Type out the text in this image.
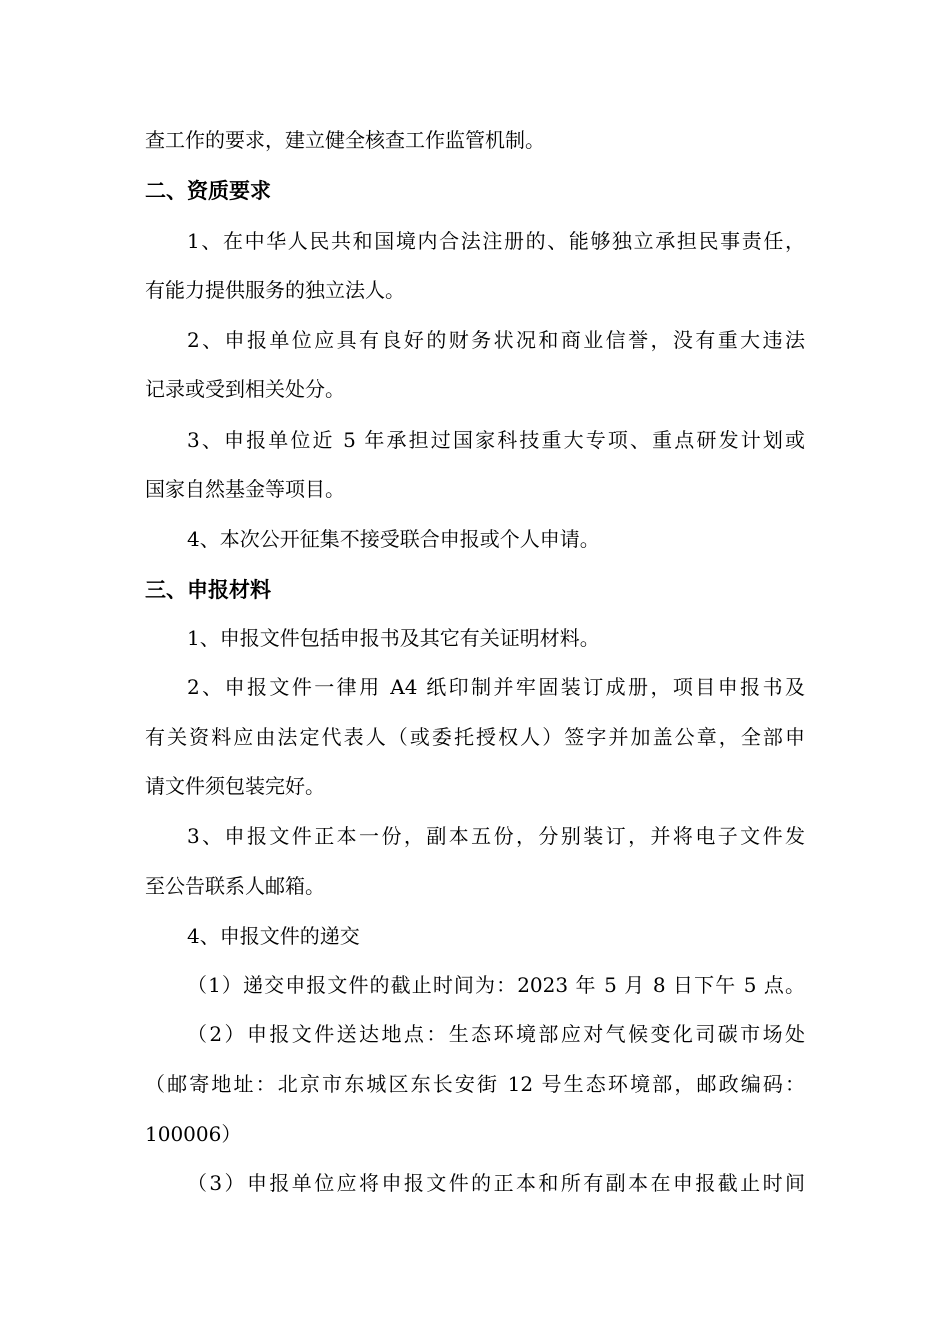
查工作的要求，建立健全核查工作监管机制。
二、资质要求
1、在中华人民共和国境内合法注册的、能够独立承担民事责任，
有能力提供服务的独立法人。
2、申报单位应具有良好的财务状况和商业信誉，没有重大违法
记录或受到相关处分。
3、申报单位近 5 年承担过国家科技重大专项、重点研发计划或
国家自然基金等项目。
4、本次公开征集不接受联合申报或个人申请。
三、申报材料
1、申报文件包括申报书及其它有关证明材料。
2、申报文件一律用 A4 纸印制并牢固装订成册，项目申报书及
有关资料应由法定代表人（或委托授权人）签字并加盖公章，全部申
请文件须包装完好。
3、申报文件正本一份，副本五份，分别装订，并将电子文件发
至公告联系人邮箱。
4、申报文件的递交
（1）递交申报文件的截止时间为：2023 年 5 月 8 日下午 5 点。
（2）申报文件送达地点：生态环境部应对气候变化司碳市场处
（邮寄地址：北京市东城区东长安街 12 号生态环境部，邮政编码：
100006）
（3）申报单位应将申报文件的正本和所有副本在申报截止时间
